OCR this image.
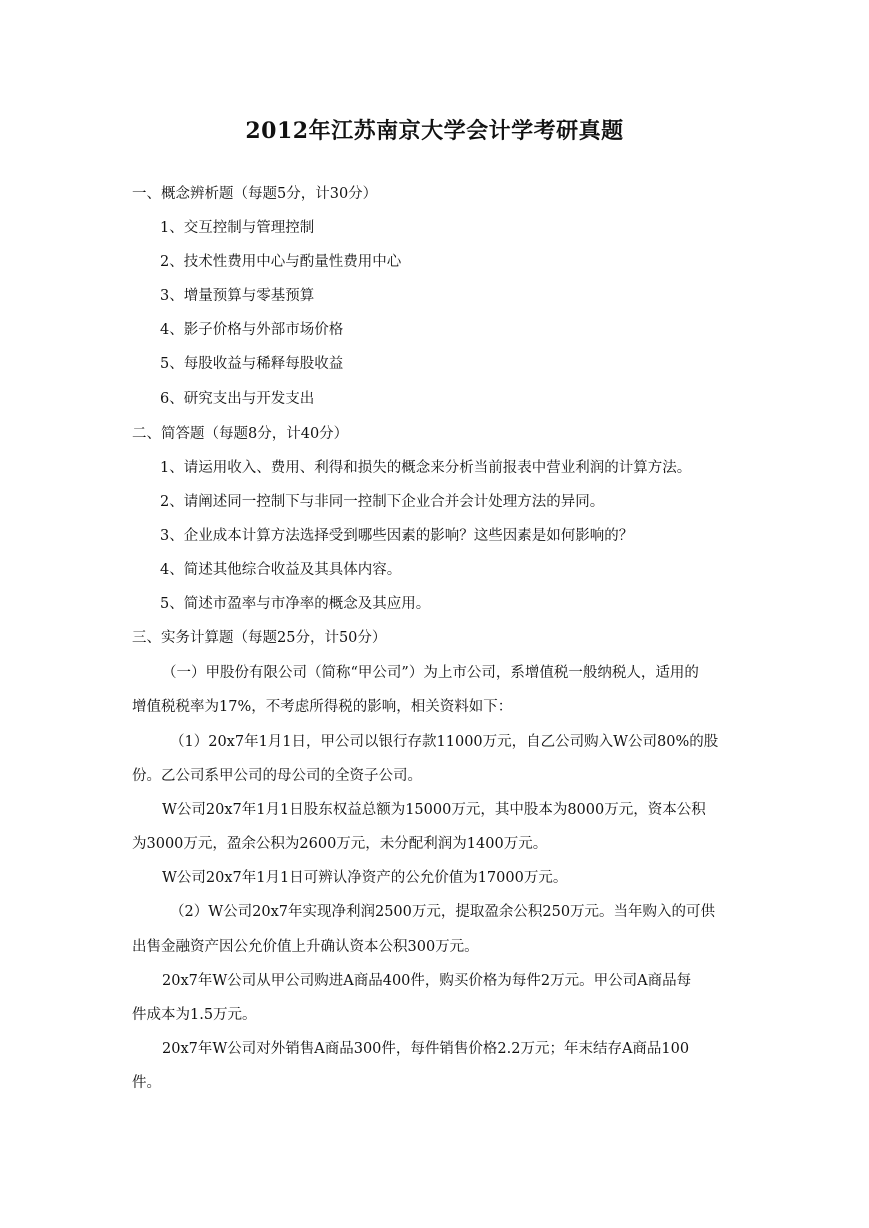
2012年江苏南京大学会计学考研真题
一、概念辨析题（每题5分，计30分）
1、交互控制与管理控制
2、技术性费用中心与酌量性费用中心
3、增量预算与零基预算
4、影子价格与外部市场价格
5、每股收益与稀释每股收益
6、研究支出与开发支出
二、简答题（每题8分，计40分）
1、请运用收入、费用、利得和损失的概念来分析当前报表中营业利润的计算方法。
2、请阐述同一控制下与非同一控制下企业合并会计处理方法的异同。
3、企业成本计算方法选择受到哪些因素的影响？这些因素是如何影响的？
4、简述其他综合收益及其具体内容。
5、简述市盈率与市净率的概念及其应用。
三、实务计算题（每题25分，计50分）
（一）甲股份有限公司（简称“甲公司”）为上市公司，系增值税一般纳税人，适用的
增值税税率为17%，不考虑所得税的影响，相关资料如下：
（1）20x7年1月1日，甲公司以银行存款11000万元，自乙公司购入W公司80%的股
份。乙公司系甲公司的母公司的全资子公司。
W公司20x7年1月1日股东权益总额为15000万元，其中股本为8000万元，资本公积
为3000万元，盈余公积为2600万元，未分配利润为1400万元。
W公司20x7年1月1日可辨认净资产的公允价值为17000万元。
（2）W公司20x7年实现净利润2500万元，提取盈余公积250万元。当年购入的可供
出售金融资产因公允价值上升确认资本公积300万元。
20x7年W公司从甲公司购进A商品400件，购买价格为每件2万元。甲公司A商品每
件成本为1.5万元。
20x7年W公司对外销售A商品300件，每件销售价格2.2万元；年末结存A商品100
件。
